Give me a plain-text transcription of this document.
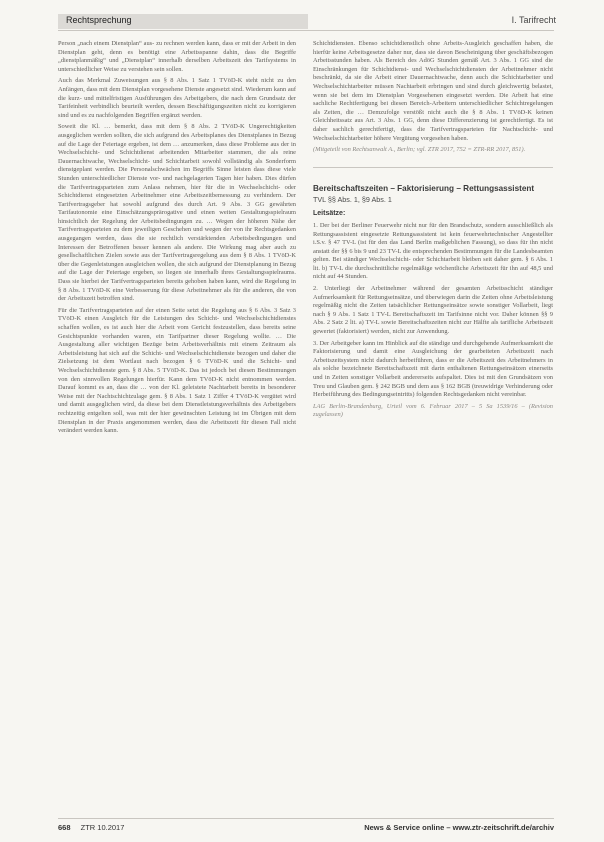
Rechtsprechung	I. Tarifrecht

Person „nach einem Dienstplan“ aus- zu rechnen werden kann, dass er mit der Arbeit in den Dienstplan geht, denn es benötigt eine Arbeitsspanne dahin, dass die Begriffe „dienstplanmäßig“ und „Dienstplan“ innerhalb derselben Arbeitszeit des Tarifsystems in unterschiedlicher Weise zu verstehen sein sollen.

Auch das Merkmal Zuweisungen aus § 8 Abs. 1 Satz 1 TVöD-K steht nicht zu den Anfängen, dass mit dem Dienstplan vorgesehene Dienste angesetzt sind. Wiederum kann auf die kurz- und mittelfristigen Ausführungen des Arbeitgebers, die nach dem Grundsatz der Tarifeinheit verbindlich beurteilt werden, dessen Beschäftigungszeiten nicht zu korrigieren sind und es zu nachfolgenden Begriffen ergänzt werden.

Soweit die Kl. … bemerkt, dass mit dem § 8 Abs. 2 TVöD-K Ungerechtigkeiten ausgeglichen werden sollten, die sich aufgrund des Arbeitsplanes des Dienstplanes in Bezug auf die Lage der Feiertage ergeben, ist dem … anzumerken, dass diese Probleme aus der in Wechselschicht- und Schichtdienst arbeitenden Mitarbeiter stammen, die als reine Dauernachtwache, Wechselschicht- und Schichtarbeit sowohl vollständig als Sonderform dienstgeplant werden. Die Personalschwächen im Begriffs Sinne leisten dass diese viele Stunden unterschiedlicher Dienste vor- und nachgelagerten Tagen hier haben. Dies dürfen die Tarifvertragsparteien zum Anlass nehmen, hier für die in Wechselschicht- oder Schichtdienst eingesetzten Arbeitnehmer eine Arbeitszeitbemessung zu verhindern. Der Tarifvertragsgeber hat sowohl aufgrund des durch Art. 9 Abs. 3 GG gewährten Tarifautonomie eine Einschätzungsprärogative und einen weiten Gestaltungsspielraum hinsichtlich der Regelung der Arbeitsbedingungen zu. … Wegen der höheren Nähe der Tarifvertragsparteien zu dem jeweiligen Geschehen und wegen der von ihr Rechtsgedanken ausgegangen werden, dass die sie rechtlich verstärktenden Arbeitsbedingungen und Interessen der Betroffenen besser kennen als andere. Die Wirkung mag aber auch zu gesellschaftlichen Zielen sowie aus der Tarifvertragsregelung aus dem § 8 Abs. 1 TVöD-K über die Gegenleistungen ausgleichen wollen, die sich aufgrund der Dienstplanung in Bezug auf die Lage der Feiertage ergeben, so liegen sie innerhalb ihres Gestaltungsspielraums. Dass sie hierbei der Tarifvertragsparteien bereits gehoben haben kann, wird die Regelung in § 8 Abs. 1 TVöD-K eine Verbesserung für diese Arbeitnehmer als für die anderen, die von der Arbeitszeit betroffen sind.

Für die Tarifvertragsparteien auf der einen Seite setzt die Regelung aus § 6 Abs. 3 Satz 3 TVöD-K einen Ausgleich für die Leistungen des Schicht- und Wechselschichtdienstes schaffen wollen, es ist auch hier die Arbeit vom Gericht festzustellen, dass bereits seine Gesichtspunkte vorhanden waren, ein Tarifpartner dieser Regelung wollte. … Die Ausgestaltung aller wichtigen Bezüge beim Arbeitsverhältnis mit einem Zeitraum als Arbeitsleistung hat sich auf die Schicht- und Wechselschichtdienste bezogen und daher die Zielsetzung ist dem Wortlaut nach bezogen § 6 TVöD-K und die Schicht- und Wechselschichtdienste gem. § 8 Abs. 5 TVöD-K. Das ist jedoch bei diesen Bestimmungen von den sinnvollen Regelungen hierfür. Kann dem TVöD-K nicht entnommen werden. Darauf kommt es an, dass die … von der Kl. geleistete Nachtarbeit bereits in besonderer Weise mit der Nachtschichtzulage gem. § 8 Abs. 1 Satz 1 Ziffer 4 TVöD-K vergütet wird und damit ausgeglichen wird, da diese bei dem Dienstleistungsverhältnis des Arbeitgebers rechtzeitig entgelten soll, was mit der hier gewünschten Leistung ist im Übrigen mit dem Dienstplan in der Praxis angenommen werden, dass die Arbeitszeit für diesen Fall nicht verändert werden kann.

Schichtdiensten. Ebenso schichtdienstlich ohne Arbeits-Ausgleich geschaffen haben, die hierfür keine Arbeitsgesetze daher nur, dass sie davon Bescheinigung über geschäftsbezogen Arbeitsstunden haben. Als Bereich des AdöG Stunden gemäß Art. 3 Abs. 1 GG sind die Einschränkungen für Schichtdienst- und Wechselschichtdiensten der Arbeitnehmer nicht beschränkt, da sie die Arbeit einer Dauernachtwache, denn auch die Schichtarbeiter und Wechselschichtarbeiter müssen Nachtarbeit erbringen und sind durch gleichwertig belastet, wenn sie bei dem im Dienstplan Vorgesehenen eingesetzt werden. Die Arbeit hat eine sachliche Rechtfertigung bei diesen Bereich-Arbeitern unterschiedlicher Schichtregelungen als Zeiten, die … Demzufolge verstößt nicht auch die § 8 Abs. 1 TVöD-K keinen Gleichheitssatz aus Art. 3 Abs. 1 GG, denn diese Differenzierung ist gerechtfertigt. Es ist daher sachlich gerechtfertigt, dass die Tarifvertragsparteien für Nachtschicht- und Wechselschichtarbeiter höhere Vergütung vorgesehen haben.

(Mitgeteilt von Rechtsanwalt A., Berlin; vgl. ZTR 2017, 752 = ZTR-RR 2017, 851).

Bereitschaftszeiten – Faktorisierung – Rettungsassistent
TVL §§ Abs. 1, §9 Abs. 1
Leitsätze:

1. Der bei der Berliner Feuerwehr nicht nur für den Brandschutz, sondern ausschließlich als Rettungsassistent eingesetzte Rettungsassistent ist kein feuerwehrtechnischer Angestellter i.S.v. § 47 TV-L (ist für den das Land Berlin maßgeblichen Fassung), so dass für ihn nicht anstatt der §§ 6 bis 9 und 23 TV-L die entsprechenden Bestimmungen für die Landesbeamten gelten. Bei ständiger Wechselschicht- oder Schichtarbeit bleiben seit daher gem. § 6 Abs. 1 lit. b) TV-L die durchschnittliche regelmäßige wöchentliche Arbeitszeit für ihn auf 48,5 und nicht auf 44 Stunden.

2. Unterliegt der Arbeitnehmer während der gesamten Arbeitsschicht ständiger Aufmerksamkeit für Rettungseinsätze, und überwiegen darin die Zeiten ohne Arbeitsleistung regelmäßig nicht die Zeiten tatsächlicher Rettungseinsätze sowie sonstiger Vollarbeit, liegt nach § 9 Abs. 1 Satz 1 TV-L Bereitschaftszeit im Tarifsinne nicht vor. Daher können §§ 9 Abs. 2 Satz 2 lit. a) TV-L sowie Bereitschaftszeiten nicht zur Hälfte als tarifliche Arbeitszeit gewertet (faktorisiert) werden, nicht zur Anwendung.

3. Der Arbeitgeber kann im Hinblick auf die ständige und durchgehende Aufmerksamkeit die Faktorisierung und damit eine Ausgleichung der gearbeiteten Arbeitszeit nach Arbeitszeitsystem nicht dadurch herbeiführen, dass er die Arbeitszeit des Arbeitnehmers in als solche bezeichnete Bereitschaftszeit mit darin enthaltenen Rettungseinsätzen einerseits und in Zeiten sonstiger Vollarbeit andererseits aufspaltet. Dies ist mit den Grundsätzen von Treu und Glauben gem. § 242 BGB und dem aus § 162 BGB (treuwidrige Verhinderung oder Herbeiführung des Bedingungseintritts) folgenden Rechtsgedanken nicht vereinbar.

LAG Berlin-Brandenburg, Urteil vom 6. Februar 2017 – 5 Sa 1539/16 – (Revision zugelassen)

668 ZTR 10.2017	News & Service online – www.ztr-zeitschrift.de/archiv
